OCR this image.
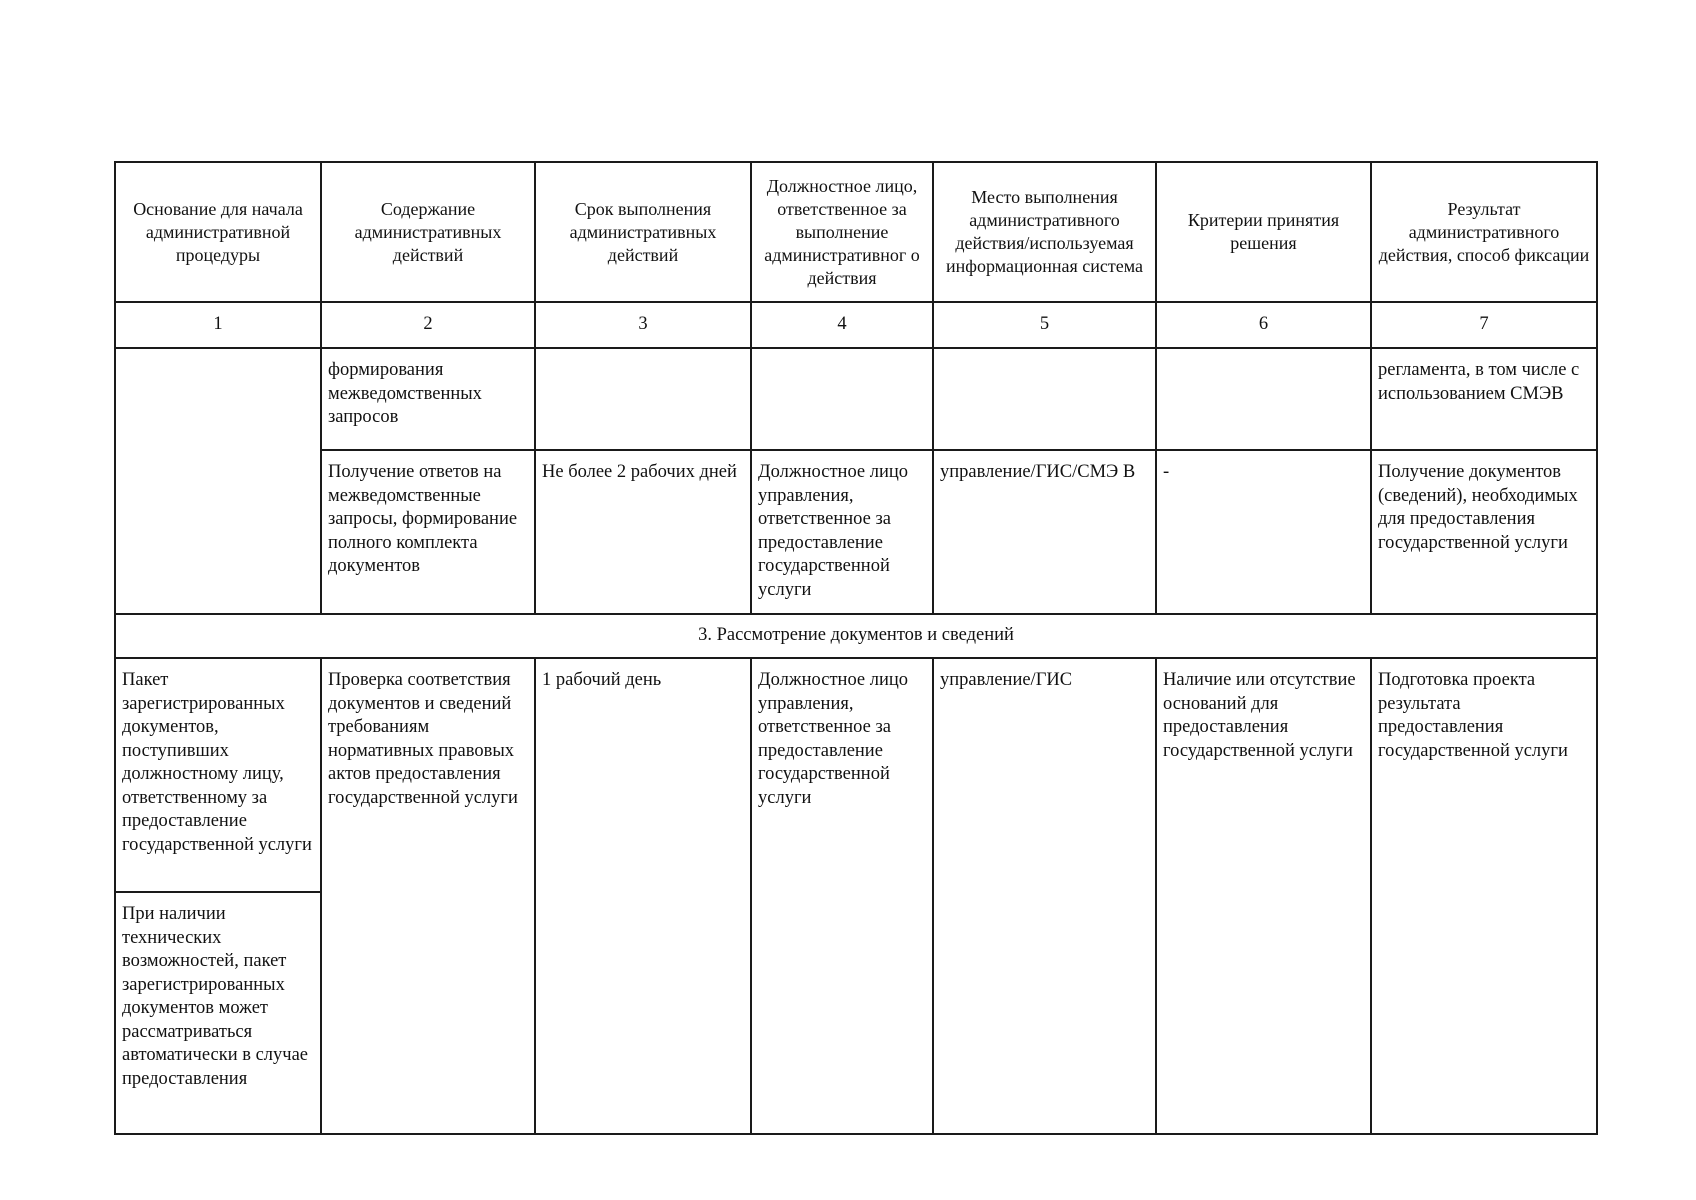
Основание для начала административной процедуры	Содержание административных действий	Срок выполнения административных действий	Должностное лицо, ответственное за выполнение административног о действия	Место выполнения административного действия/используемая информационная система	Критерии принятия решения	Результат административного действия, способ фиксации
1	2	3	4	5	6	7
	формирования межведомственных запросов					регламента, в том числе с использованием СМЭВ
	Получение ответов на межведомственные запросы, формирование полного комплекта документов	Не более 2 рабочих дней	Должностное лицо управления, ответственное за предоставление государственной услуги	управление/ГИС/СМЭ В	-	Получение документов (сведений), необходимых для предоставления государственной услуги
3. Рассмотрение документов и сведений						
Пакет зарегистрированных документов, поступивших должностному лицу, ответственному за предоставление государственной услуги	Проверка соответствия документов и сведений требованиям нормативных правовых актов предоставления государственной услуги	1 рабочий день	Должностное лицо управления, ответственное за предоставление государственной услуги	управление/ГИС	Наличие или отсутствие оснований для предоставления государственной услуги	Подготовка проекта результата предоставления государственной услуги
При наличии технических возможностей, пакет зарегистрированных документов может рассматриваться автоматически в случае предоставления						
